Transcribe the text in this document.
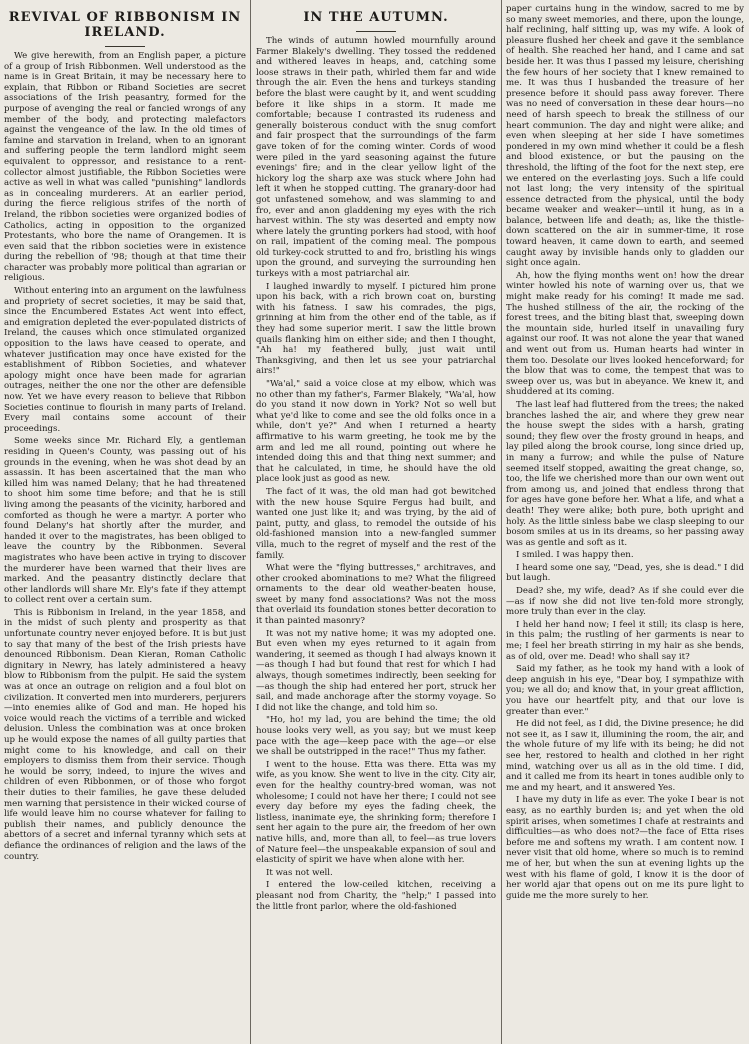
REVIVAL OF RIBBONISM IN IRELAND.

We give herewith, from an English paper, a picture of a group of Irish Ribbonmen. Well understood as the name is in Great Britain, it may be necessary here to explain, that Ribbon or Riband Societies are secret associations of the Irish peasantry, formed for the purpose of avenging the real or fancied wrongs of any member of the body, and protecting malefactors against the vengeance of the law. In the old times of famine and starvation in Ireland, when to an ignorant and suffering people the term landlord might seem equivalent to oppressor, and resistance to a rent-collector almost justifiable, the Ribbon Societies were active as well in what was called "punishing" landlords as in concealing murderers. At an earlier period, during the fierce religious strifes of the north of Ireland, the ribbon societies were organized bodies of Catholics, acting in opposition to the organized Protestants, who bore the name of Orangemen. It is even said that the ribbon societies were in existence during the rebellion of '98; though at that time their character was probably more political than agrarian or religious.

Without entering into an argument on the lawfulness and propriety of secret societies, it may be said that, since the Encumbered Estates Act went into effect, and emigration depleted the ever-populated districts of Ireland, the causes which once stimulated organized opposition to the laws have ceased to operate, and whatever justification may once have existed for the establishment of Ribbon Societies, and whatever apology might once have been made for agrarian outrages, neither the one nor the other are defensible now. Yet we have every reason to believe that Ribbon Societies continue to flourish in many parts of Ireland. Every mail contains some account of their proceedings.

Some weeks since Mr. Richard Ely, a gentleman residing in Queen's County, was passing out of his grounds in the evening, when he was shot dead by an assassin. It has been ascertained that the man who killed him was named Delany; that he had threatened to shoot him some time before; and that he is still living among the peasants of the vicinity, harbored and comforted as though he were a martyr. A porter who found Delany's hat shortly after the murder, and handed it over to the magistrates, has been obliged to leave the country by the Ribbonmen. Several magistrates who have been active in trying to discover the murderer have been warned that their lives are marked. And the peasantry distinctly declare that other landlords will share Mr. Ely's fate if they attempt to collect rent over a certain sum.

This is Ribbonism in Ireland, in the year 1858, and in the midst of such plenty and prosperity as that unfortunate country never enjoyed before. It is but just to say that many of the best of the Irish priests have denounced Ribbonism. Dean Kieran, Roman Catholic dignitary in Newry, has lately administered a heavy blow to Ribbonism from the pulpit. He said the system was at once an outrage on religion and a foul blot on civilization. It converted men into murderers, perjurers—into enemies alike of God and man. He hoped his voice would reach the victims of a terrible and wicked delusion. Unless the combination was at once broken up he would expose the names of all guilty parties that might come to his knowledge, and call on their employers to dismiss them from their service. Though he would be sorry, indeed, to injure the wives and children of even Ribbonmen, or of those who forgot their duties to their families, he gave these deluded men warning that persistence in their wicked course of life would leave him no course whatever for failing to publish their names, and publicly denounce the abettors of a secret and infernal tyranny which sets at defiance the ordinances of religion and the laws of the country.

IN THE AUTUMN.

The winds of autumn howled mournfully around Farmer Blakely's dwelling. They tossed the reddened and withered leaves in heaps, and, catching some loose straws in their path, whirled them far and wide through the air. Even the hens and turkeys standing before the blast were caught by it, and went scudding before it like ships in a storm. It made me comfortable; because I contrasted its rudeness and generally boisterous conduct with the snug comfort and fair prospect that the surroundings of the farm gave token of for the coming winter. Cords of wood were piled in the yard seasoning against the future evenings' fire; and in the clear yellow light of the hickory log the sharp axe was stuck where John had left it when he stopped cutting. The granary-door had got unfastened somehow, and was slamming to and fro, ever and anon gladdening my eyes with the rich harvest within. The sty was deserted and empty now where lately the grunting porkers had stood, with hoof on rail, impatient of the coming meal. The pompous old turkey-cock strutted to and fro, bristling his wings upon the ground, and surveying the surrounding hen turkeys with a most patriarchal air.

I laughed inwardly to myself. I pictured him prone upon his back, with a rich brown coat on, bursting with his fatness. I saw his comrades, the pigs, grinning at him from the other end of the table, as if they had some superior merit. I saw the little brown quails flanking him on either side; and then I thought, "Ah ha! my feathered bully, just wait until Thanksgiving, and then let us see your patriarchal airs!"

"Wa'al," said a voice close at my elbow, which was no other than my father's, Farmer Blakely, "Wa'al, how do you stand it now down in York? Not so well but what ye'd like to come and see the old folks once in a while, don't ye?" And when I returned a hearty affirmative to his warm greeting, he took me by the arm and led me all round, pointing out where he intended doing this and that thing next summer; and that he calculated, in time, he should have the old place look just as good as new.

The fact of it was, the old man had got bewitched with the new house Squire Fergus had built, and wanted one just like it; and was trying, by the aid of paint, putty, and glass, to remodel the outside of his old-fashioned mansion into a new-fangled summer villa, much to the regret of myself and the rest of the family.

What were the "flying buttresses," architraves, and other crooked abominations to me? What the filigreed ornaments to the dear old weather-beaten house, sweet by many fond associations? Was not the moss that overlaid its foundation stones better decoration to it than painted masonry?

It was not my native home; it was my adopted one. But even when my eyes returned to it again from wandering, it seemed as though I had always known it—as though I had but found that rest for which I had always, though sometimes indirectly, been seeking for—as though the ship had entered her port, struck her sail, and made anchorage after the stormy voyage. So I did not like the change, and told him so.

"Ho, ho! my lad, you are behind the time; the old house looks very well, as you say; but we must keep pace with the age—keep pace with the age—or else we shall be outstripped in the race!" Thus my father.

I went to the house. Etta was there. Etta was my wife, as you know. She went to live in the city. City air, even for the healthy country-bred woman, was not wholesome; I could not have her there; I could not see every day before my eyes the fading cheek, the listless, inanimate eye, the shrinking form; therefore I sent her again to the pure air, the freedom of her own native hills, and, more than all, to feel—as true lovers of Nature feel—the unspeakable expansion of soul and elasticity of spirit we have when alone with her.

It was not well.

I entered the low-ceiled kitchen, receiving a pleasant nod from Charity, the "help;" I passed into the little front parlor, where the old-fashioned

paper curtains hung in the window, sacred to me by so many sweet memories, and there, upon the lounge, half reclining, half sitting up, was my wife. A look of pleasure flushed her cheek and gave it the semblance of health. She reached her hand, and I came and sat beside her. It was thus I passed my leisure, cherishing the few hours of her society that I knew remained to me. It was thus I husbanded the treasure of her presence before it should pass away forever. There was no need of conversation in these dear hours—no need of harsh speech to break the stillness of our heart communion. The day and night were alike; and even when sleeping at her side I have sometimes pondered in my own mind whether it could be a flesh and blood existence, or but the pausing on the threshold, the lifting of the foot for the next step, ere we entered on the everlasting joys. Such a life could not last long; the very intensity of the spiritual essence detracted from the physical, until the body became weaker and weaker—until it hung, as in a balance, between life and death; as, like the thistle-down scattered on the air in summer-time, it rose toward heaven, it came down to earth, and seemed caught away by invisible hands only to gladden our sight once again.

Ah, how the flying months went on! how the drear winter howled his note of warning over us, that we might make ready for his coming! It made me sad. The hushed stillness of the air, the rocking of the forest trees, and the biting blast that, sweeping down the mountain side, hurled itself in unavailing fury against our roof. It was not alone the year that waned and went out from us. Human hearts had winter in them too. Desolate our lives looked henceforward; for the blow that was to come, the tempest that was to sweep over us, was but in abeyance. We knew it, and shuddered at its coming.

The last leaf had fluttered from the trees; the naked branches lashed the air, and where they grew near the house swept the sides with a harsh, grating sound; they flew over the frosty ground in heaps, and lay piled along the brook course, long since dried up, in many a furrow; and while the pulse of Nature seemed itself stopped, awaiting the great change, so, too, the life we cherished more than our own went out from among us, and joined that endless throng that for ages have gone before her. What a life, and what a death! They were alike; both pure, both upright and holy. As the little sinless babe we clasp sleeping to our bosom smiles at us in its dreams, so her passing away was as gentle and soft as it.

I smiled. I was happy then.

I heard some one say, "Dead, yes, she is dead." I did but laugh.

Dead? she, my wife, dead? As if she could ever die—as if now she did not live ten-fold more strongly, more truly than ever in the clay.

I held her hand now; I feel it still; its clasp is here, in this palm; the rustling of her garments is near to me; I feel her breath stirring in my hair as she bends, as of old, over me. Dead! who shall say it?

Said my father, as he took my hand with a look of deep anguish in his eye, "Dear boy, I sympathize with you; we all do; and know that, in your great affliction, you have our heartfelt pity, and that our love is greater than ever."

He did not feel, as I did, the Divine presence; he did not see it, as I saw it, illumining the room, the air, and the whole future of my life with its being; he did not see her, restored to health and clothed in her right mind, watching over us all as in the old time. I did, and it called me from its heart in tones audible only to me and my heart, and it answered Yes.

I have my duty in life as ever. The yoke I bear is not easy, as no earthly burden is; and yet when the old spirit arises, when sometimes I chafe at restraints and difficulties—as who does not?—the face of Etta rises before me and softens my wrath. I am content now. I never visit that old home, where so much is to remind me of her, but when the sun at evening lights up the west with his flame of gold, I know it is the door of her world ajar that opens out on me its pure light to guide me the more surely to her.
